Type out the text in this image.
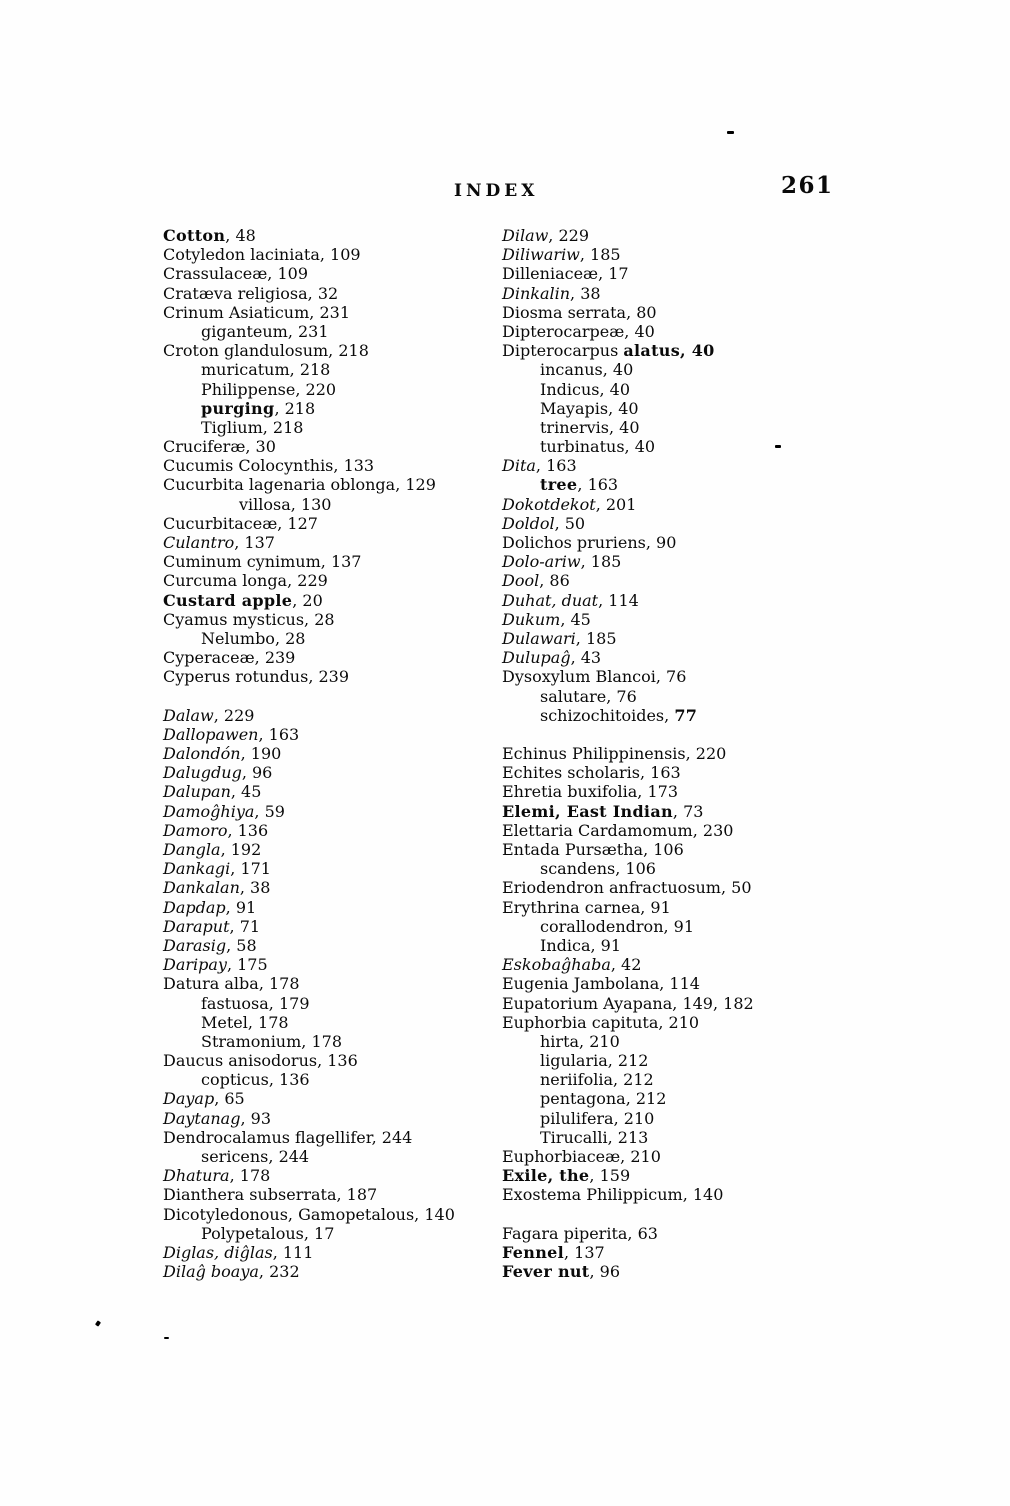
INDEX	261
Cotton, 48
Cotyledon laciniata, 109
Crassulaceæ, 109
Cratæva religiosa, 32
Crinum Asiaticum, 231
giganteum, 231
Croton glandulosum, 218
muricatum, 218
Philippense, 220
purging, 218
Tiglium, 218
Cruciferæ, 30
Cucumis Colocynthis, 133
Cucurbita lagenaria oblonga, 129
villosa, 130
Cucurbitaceæ, 127
Culantro, 137
Cuminum cynimum, 137
Curcuma longa, 229
Custard apple, 20
Cyamus mysticus, 28
Nelumbo, 28
Cyperaceæ, 239
Cyperus rotundus, 239
Dalaw, 229
Dallopawen, 163
Dalondón, 190
Dalugdug, 96
Dalupan, 45
Damoĝhiya, 59
Damoro, 136
Dangla, 192
Dankagi, 171
Dankalan, 38
Dapdap, 91
Daraput, 71
Darasig, 58
Daripay, 175
Datura alba, 178
fastuosa, 179
Metel, 178
Stramonium, 178
Daucus anisodorus, 136
copticus, 136
Dayap, 65
Daytanag, 93
Dendrocalamus flagellifer, 244
sericens, 244
Dhatura, 178
Dianthera subserrata, 187
Dicotyledonous, Gamopetalous, 140
Polypetalous, 17
Diglas, diĝlas, 111
Dilaĝ boaya, 232
Dilaw, 229
Diliwariw, 185
Dilleniaceæ, 17
Dinkalin, 38
Diosma serrata, 80
Dipterocarpeæ, 40
Dipterocarpus alatus, 40
incanus, 40
Indicus, 40
Mayapis, 40
trinervis, 40
turbinatus, 40
Dita, 163
tree, 163
Dokotdekot, 201
Doldol, 50
Dolichos pruriens, 90
Dolo-ariw, 185
Dool, 86
Duhat, duat, 114
Dukum, 45
Dulawari, 185
Dulupaĝ, 43
Dysoxylum Blancoi, 76
salutare, 76
schizochitoides, 77
Echinus Philippinensis, 220
Echites scholaris, 163
Ehretia buxifolia, 173
Elemi, East Indian, 73
Elettaria Cardamomum, 230
Entada Pursætha, 106
scandens, 106
Eriodendron anfractuosum, 50
Erythrina carnea, 91
corallodendron, 91
Indica, 91
Eskobaĝhaba, 42
Eugenia Jambolana, 114
Eupatorium Ayapana, 149, 182
Euphorbia capituta, 210
hirta, 210
ligularia, 212
neriifolia, 212
pentagona, 212
pilulifera, 210
Tirucalli, 213
Euphorbiaceæ, 210
Exile, the, 159
Exostema Philippicum, 140
Fagara piperita, 63
Fennel, 137
Fever nut, 96
